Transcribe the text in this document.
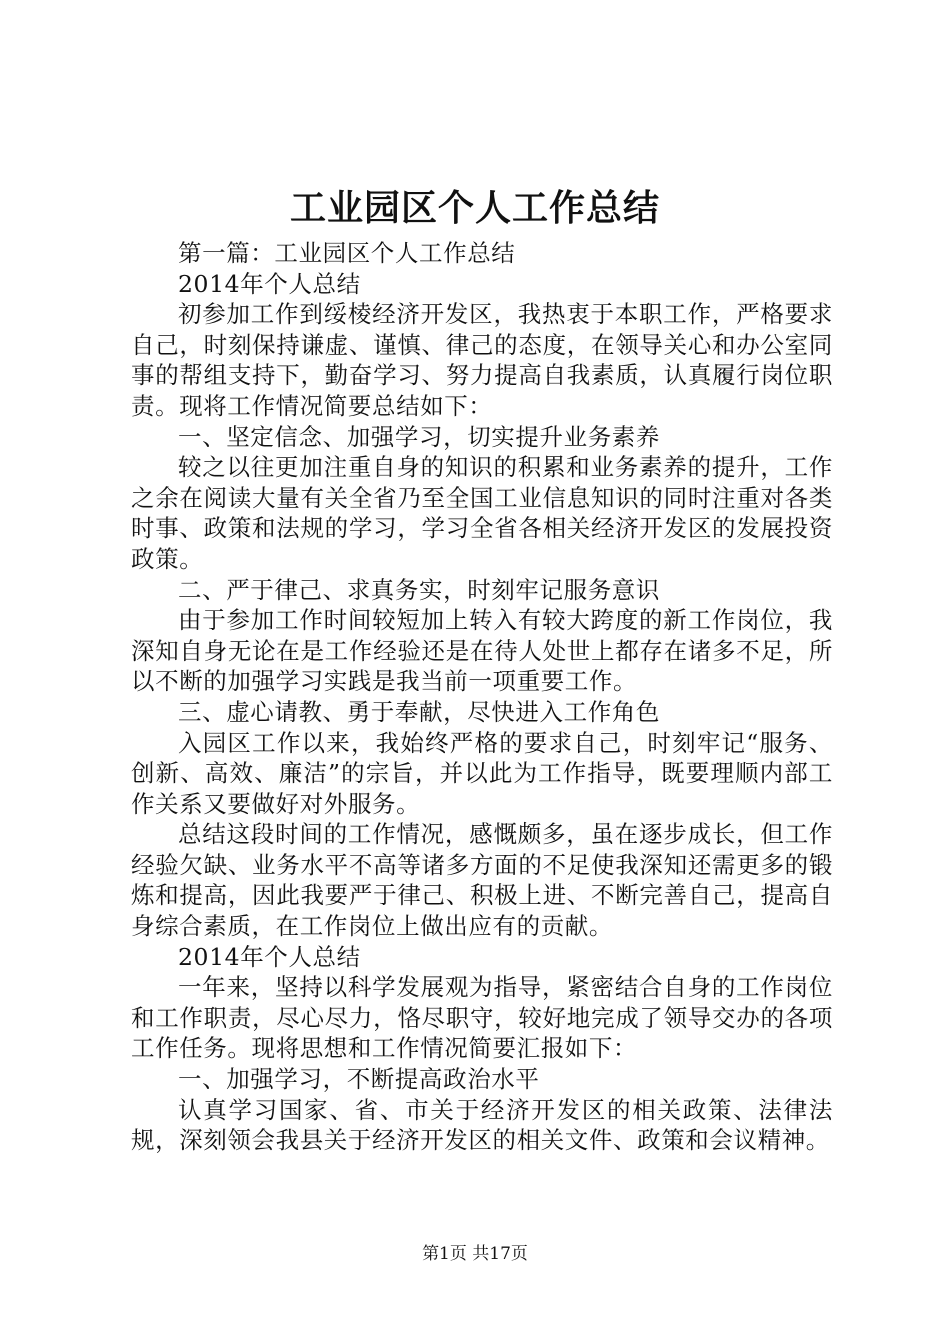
工业园区个人工作总结

第一篇：工业园区个人工作总结

2014年个人总结

初参加工作到绥棱经济开发区，我热衷于本职工作，严格要求自己，时刻保持谦虚、谨慎、律己的态度，在领导关心和办公室同事的帮组支持下，勤奋学习、努力提高自我素质，认真履行岗位职责。现将工作情况简要总结如下：

一、坚定信念、加强学习，切实提升业务素养

较之以往更加注重自身的知识的积累和业务素养的提升，工作之余在阅读大量有关全省乃至全国工业信息知识的同时注重对各类时事、政策和法规的学习，学习全省各相关经济开发区的发展投资政策。

二、严于律己、求真务实，时刻牢记服务意识

由于参加工作时间较短加上转入有较大跨度的新工作岗位，我深知自身无论在是工作经验还是在待人处世上都存在诸多不足，所以不断的加强学习实践是我当前一项重要工作。

三、虚心请教、勇于奉献，尽快进入工作角色

入园区工作以来，我始终严格的要求自己，时刻牢记“服务、创新、高效、廉洁”的宗旨，并以此为工作指导，既要理顺内部工作关系又要做好对外服务。

总结这段时间的工作情况，感慨颇多，虽在逐步成长，但工作经验欠缺、业务水平不高等诸多方面的不足使我深知还需更多的锻炼和提高，因此我要严于律己、积极上进、不断完善自己，提高自身综合素质，在工作岗位上做出应有的贡献。

2014年个人总结

一年来，坚持以科学发展观为指导，紧密结合自身的工作岗位和工作职责，尽心尽力，恪尽职守，较好地完成了领导交办的各项工作任务。现将思想和工作情况简要汇报如下：

一、加强学习，不断提高政治水平

认真学习国家、省、市关于经济开发区的相关政策、法律法规，深刻领会我县关于经济开发区的相关文件、政策和会议精神。

第1页 共17页
